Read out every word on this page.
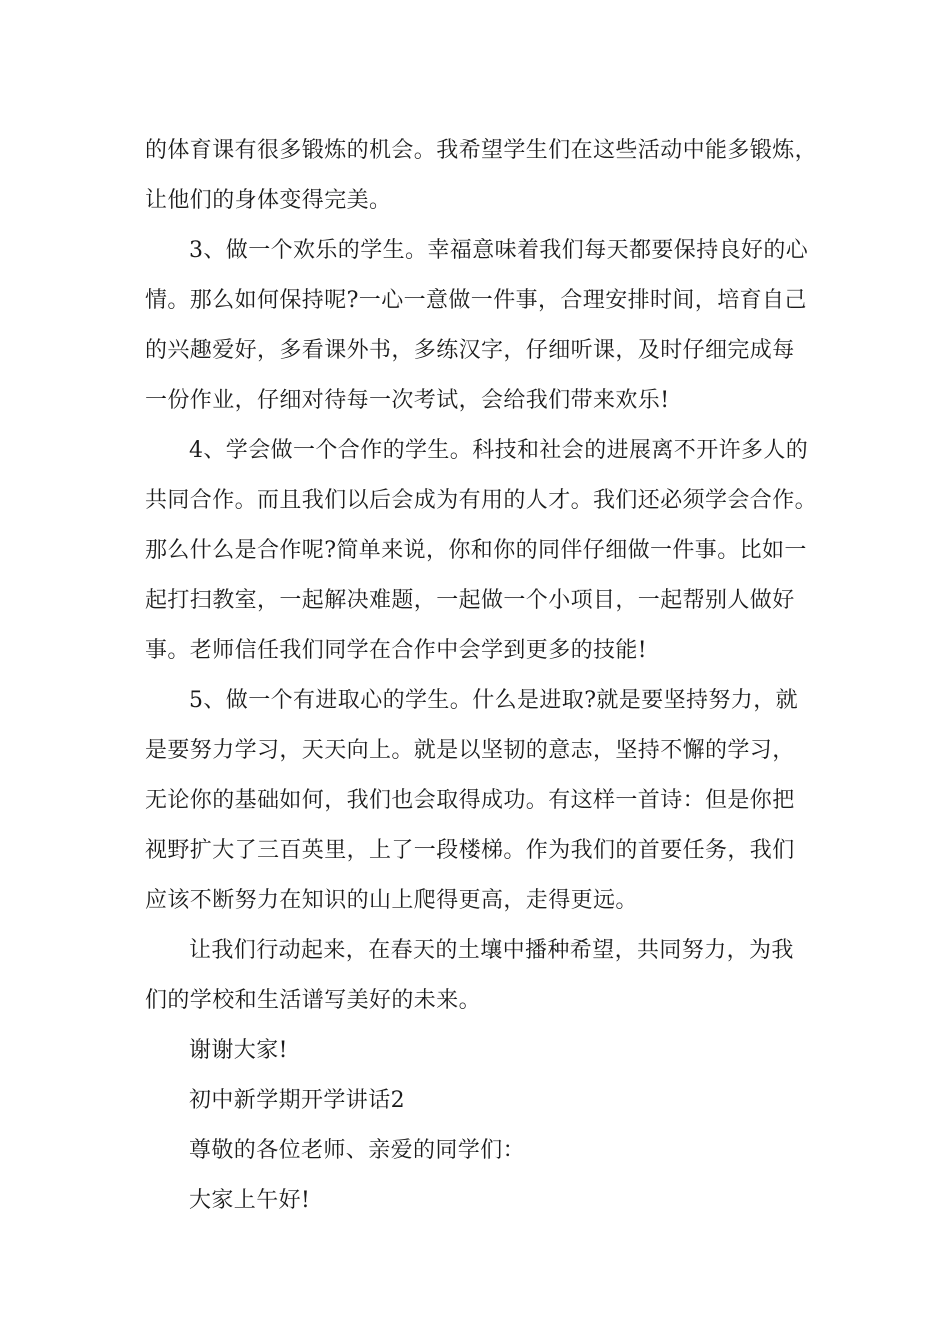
的体育课有很多锻炼的机会。我希望学生们在这些活动中能多锻炼，
让他们的身体变得完美。
3、做一个欢乐的学生。幸福意味着我们每天都要保持良好的心
情。那么如何保持呢?一心一意做一件事，合理安排时间，培育自己
的兴趣爱好，多看课外书，多练汉字，仔细听课，及时仔细完成每
一份作业，仔细对待每一次考试，会给我们带来欢乐!
4、学会做一个合作的学生。科技和社会的进展离不开许多人的
共同合作。而且我们以后会成为有用的人才。我们还必须学会合作。
那么什么是合作呢?简单来说，你和你的同伴仔细做一件事。比如一
起打扫教室，一起解决难题，一起做一个小项目，一起帮别人做好
事。老师信任我们同学在合作中会学到更多的技能!
5、做一个有进取心的学生。什么是进取?就是要坚持努力，就
是要努力学习，天天向上。就是以坚韧的意志，坚持不懈的学习，
无论你的基础如何，我们也会取得成功。有这样一首诗：但是你把
视野扩大了三百英里，上了一段楼梯。作为我们的首要任务，我们
应该不断努力在知识的山上爬得更高，走得更远。
让我们行动起来，在春天的土壤中播种希望，共同努力，为我
们的学校和生活谱写美好的未来。
谢谢大家!
初中新学期开学讲话2
尊敬的各位老师、亲爱的同学们：
大家上午好!
